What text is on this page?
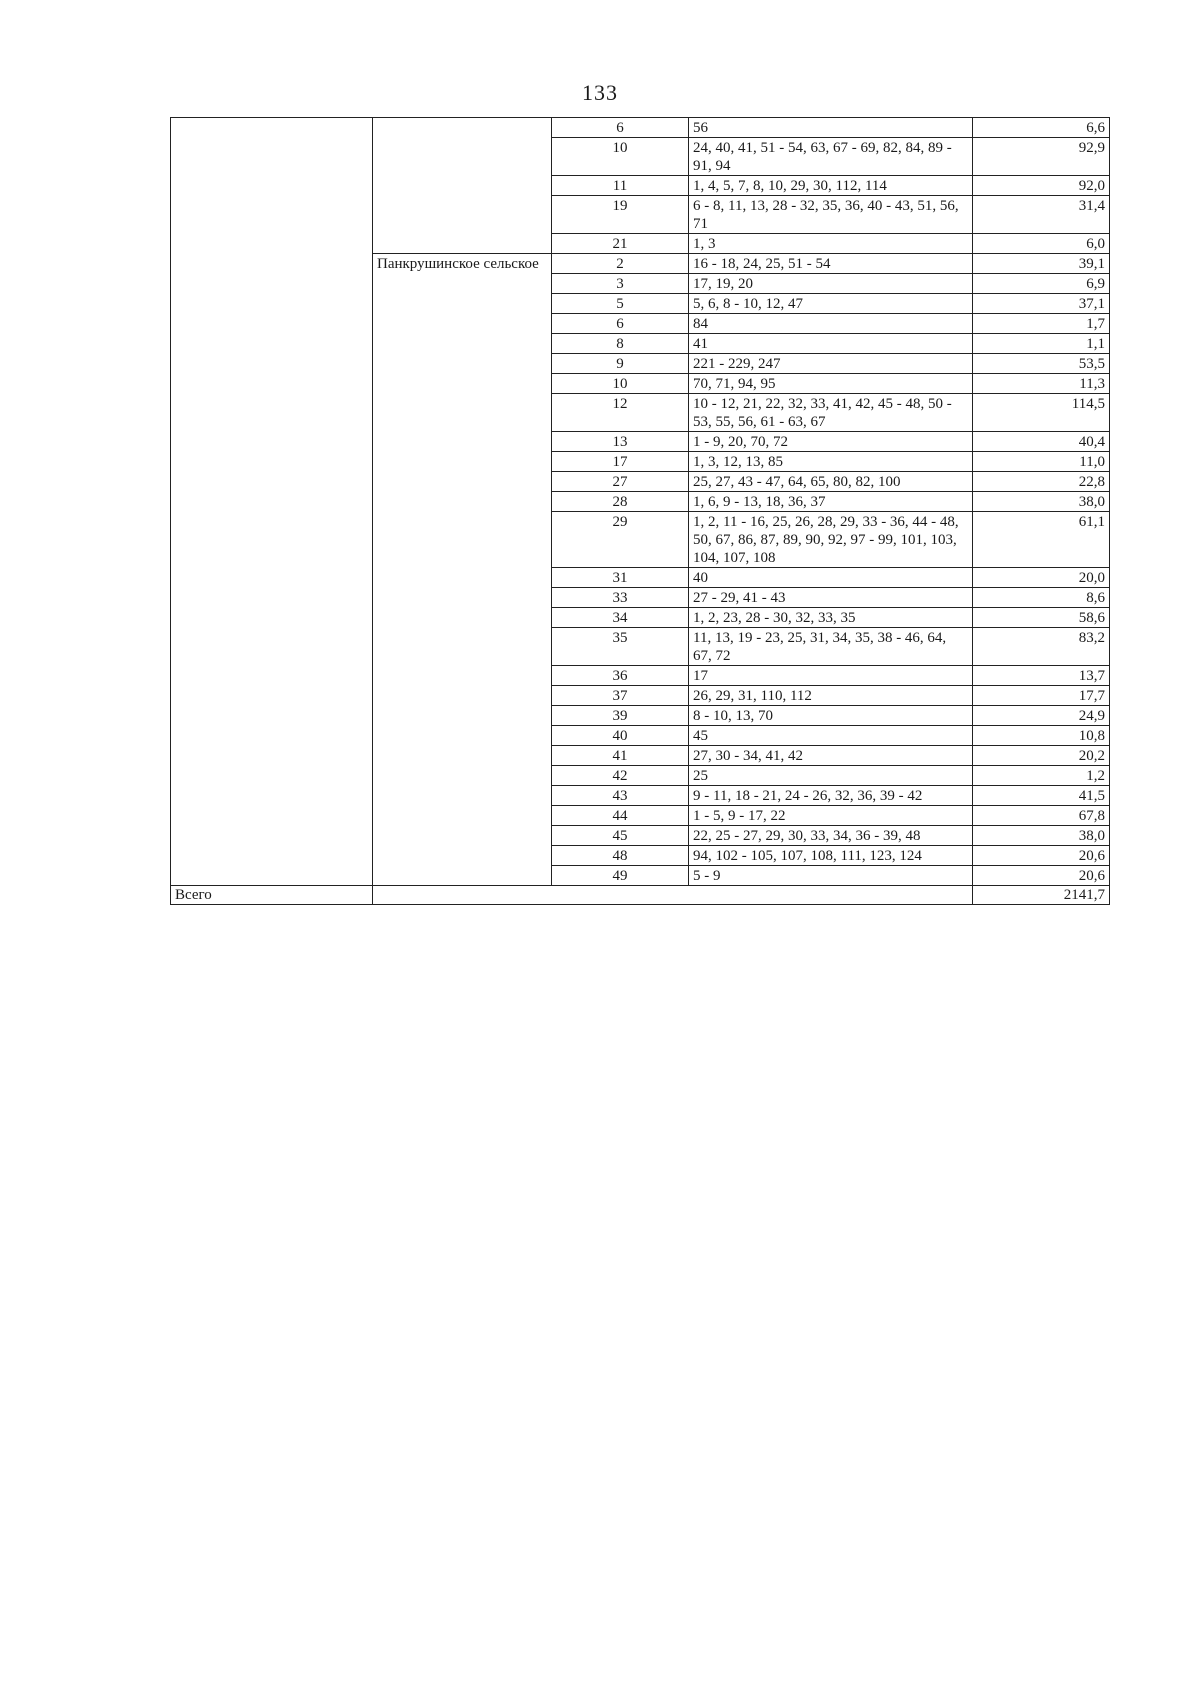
133
		6	56	6,6
		10	24, 40, 41, 51 - 54, 63, 67 - 69, 82, 84, 89 - 91, 94	92,9
		11	1, 4, 5, 7, 8, 10, 29, 30, 112, 114	92,0
		19	6 - 8, 11, 13, 28 - 32, 35, 36, 40 - 43, 51, 56, 71	31,4
		21	1, 3	6,0
	Панкрушинское сельское	2	16 - 18, 24, 25, 51 - 54	39,1
		3	17, 19, 20	6,9
		5	5, 6, 8 - 10, 12, 47	37,1
		6	84	1,7
		8	41	1,1
		9	221 - 229, 247	53,5
		10	70, 71, 94, 95	11,3
		12	10 - 12, 21, 22, 32, 33, 41, 42, 45 - 48, 50 - 53, 55, 56, 61 - 63, 67	114,5
		13	1 - 9, 20, 70, 72	40,4
		17	1, 3, 12, 13, 85	11,0
		27	25, 27, 43 - 47, 64, 65, 80, 82, 100	22,8
		28	1, 6, 9 - 13, 18, 36, 37	38,0
		29	1, 2, 11 - 16, 25, 26, 28, 29, 33 - 36, 44 - 48, 50, 67, 86, 87, 89, 90, 92, 97 - 99, 101, 103, 104, 107, 108	61,1
		31	40	20,0
		33	27 - 29, 41 - 43	8,6
		34	1, 2, 23, 28 - 30, 32, 33, 35	58,6
		35	11, 13, 19 - 23, 25, 31, 34, 35, 38 - 46, 64, 67, 72	83,2
		36	17	13,7
		37	26, 29, 31, 110, 112	17,7
		39	8 - 10, 13, 70	24,9
		40	45	10,8
		41	27, 30 - 34, 41, 42	20,2
		42	25	1,2
		43	9 - 11, 18 - 21, 24 - 26, 32, 36, 39 - 42	41,5
		44	1 - 5, 9 - 17, 22	67,8
		45	22, 25 - 27, 29, 30, 33, 34, 36 - 39, 48	38,0
		48	94, 102 - 105, 107, 108, 111, 123, 124	20,6
		49	5 - 9	20,6
Всего				2141,7
